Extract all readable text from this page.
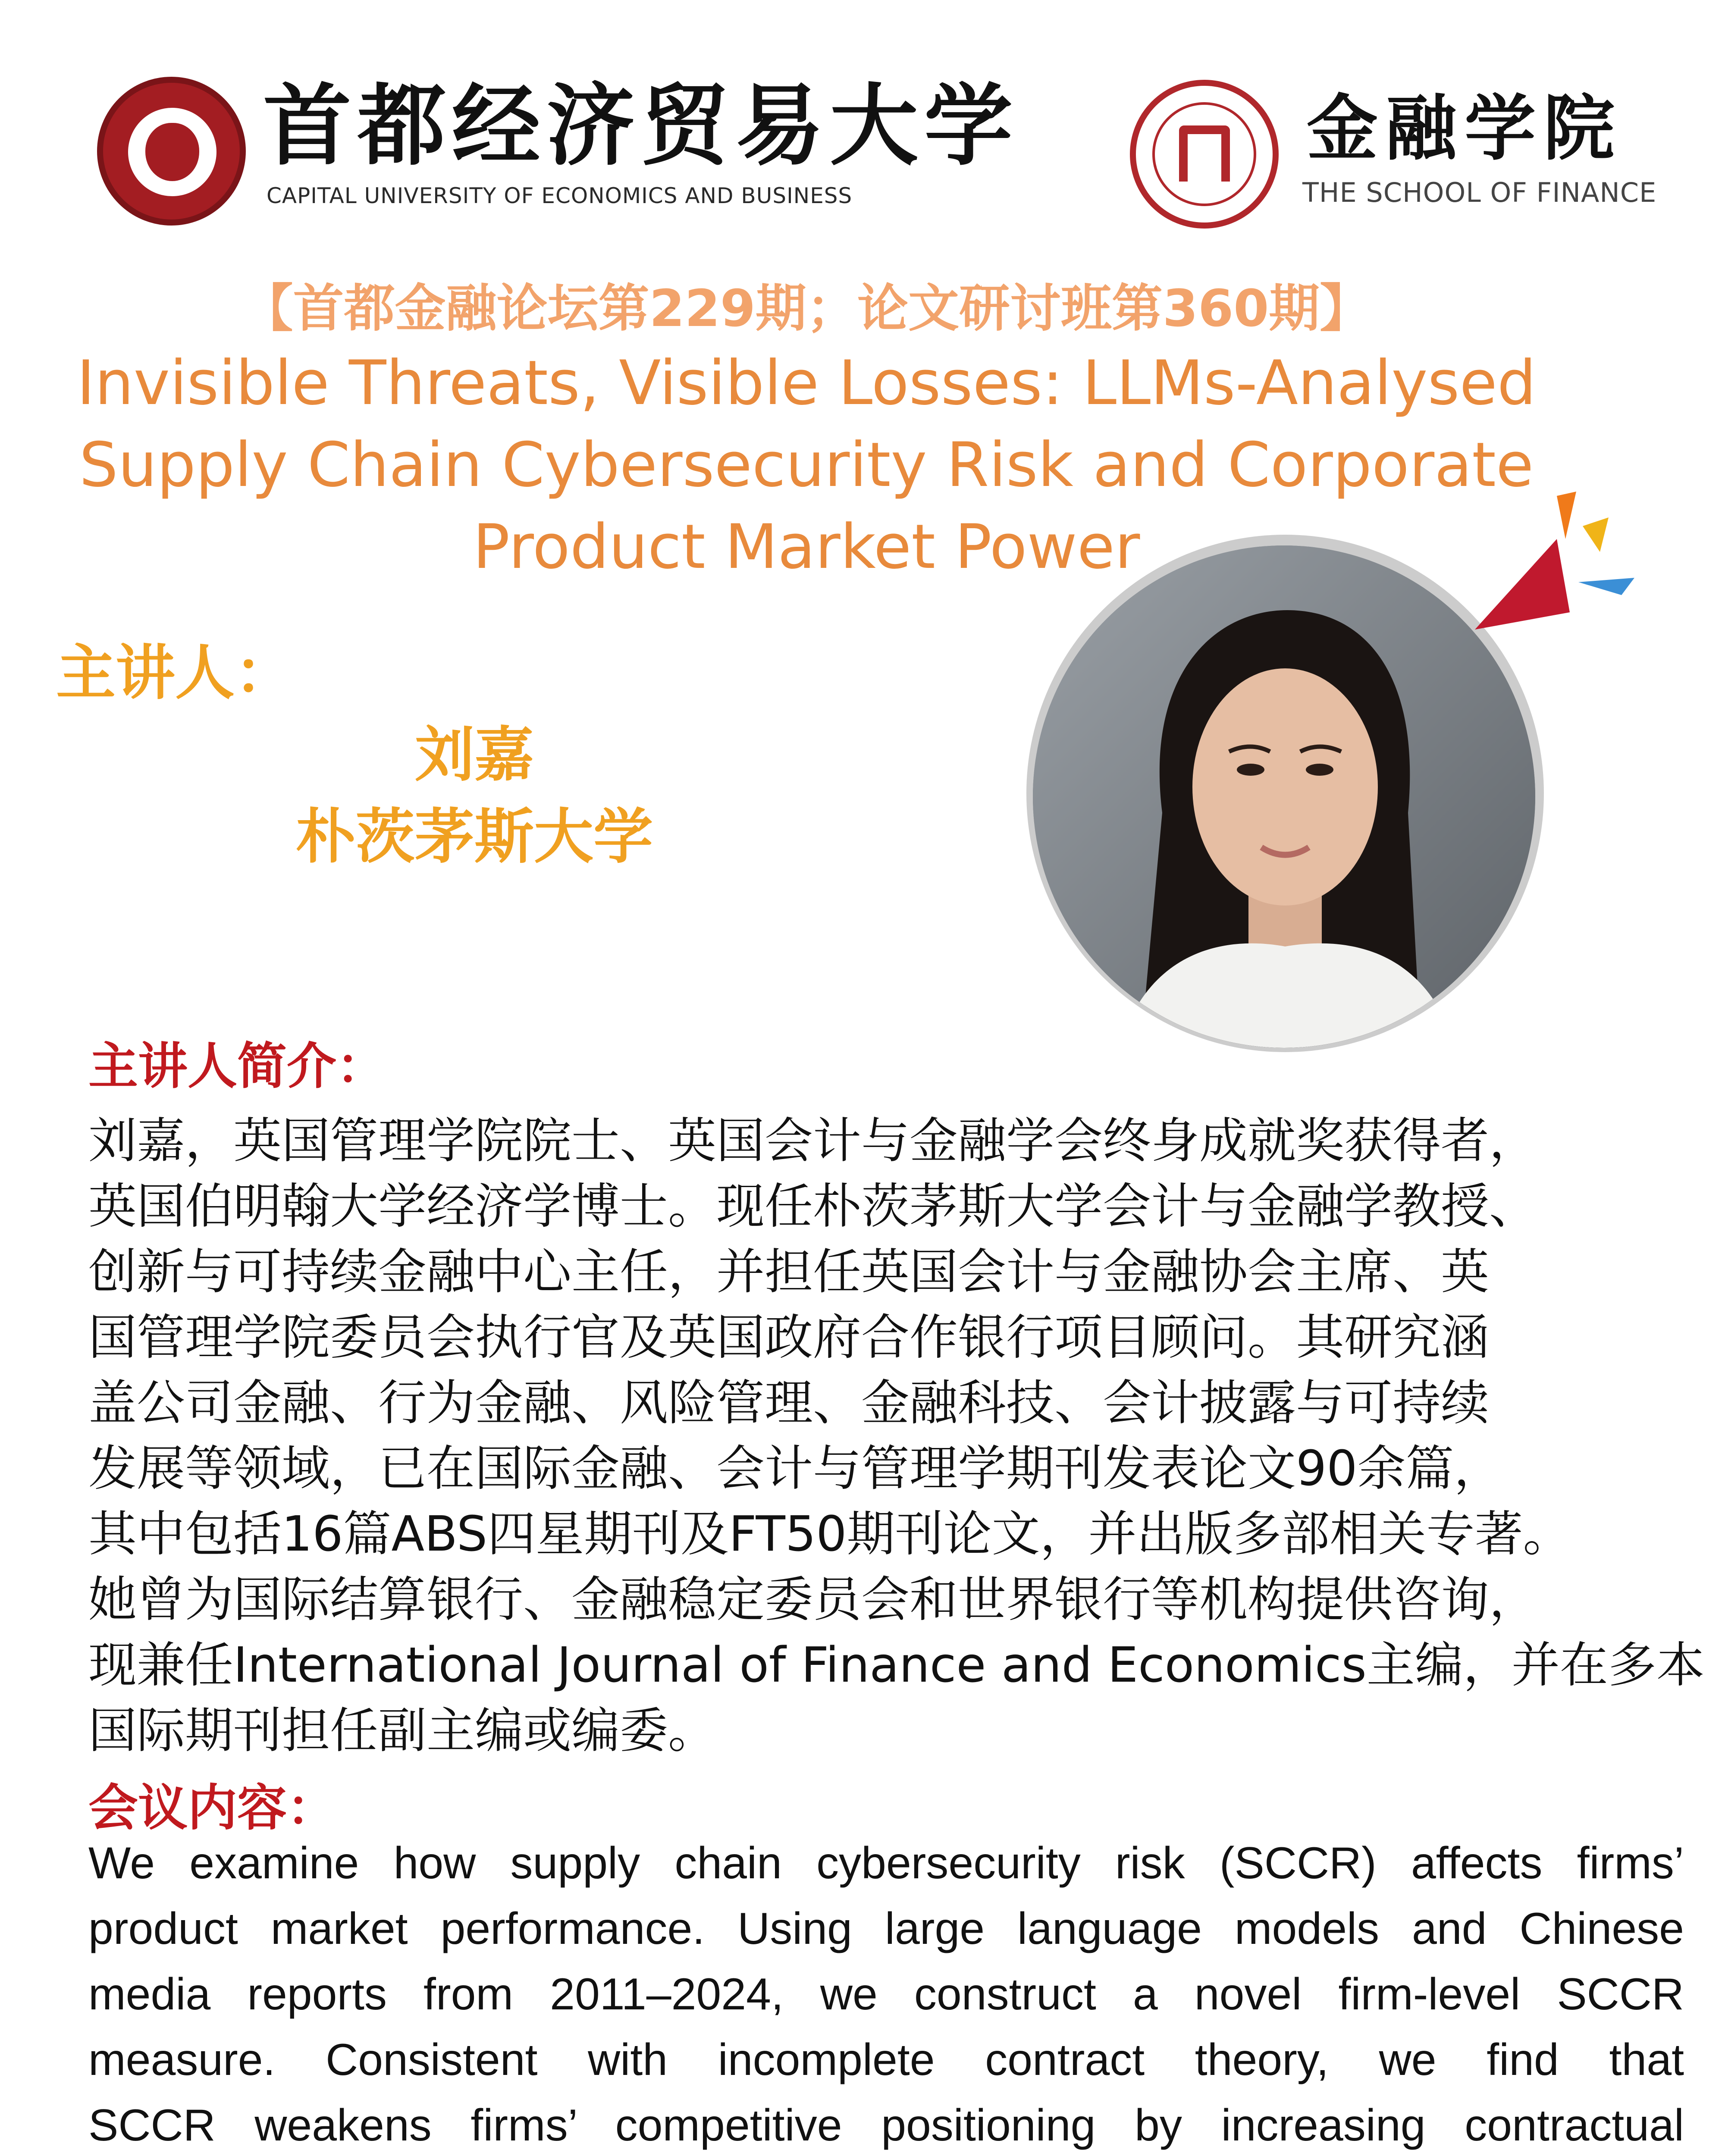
首都经济贸易大学
CAPITAL UNIVERSITY OF ECONOMICS AND BUSINESS
金融学院
THE SCHOOL OF FINANCE
【首都金融论坛第229期；论文研讨班第360期】
Invisible Threats, Visible Losses: LLMs-Analysed
Supply Chain Cybersecurity Risk and Corporate
Product Market Power
主讲人：
刘嘉
朴茨茅斯大学
主讲人简介：
刘嘉，英国管理学院院士、英国会计与金融学会终身成就奖获得者，
英国伯明翰大学经济学博士。现任朴茨茅斯大学会计与金融学教授、
创新与可持续金融中心主任，并担任英国会计与金融协会主席、英
国管理学院委员会执行官及英国政府合作银行项目顾问。其研究涵
盖公司金融、行为金融、风险管理、金融科技、会计披露与可持续
发展等领域，已在国际金融、会计与管理学期刊发表论文90余篇，
其中包括16篇ABS四星期刊及FT50期刊论文，并出版多部相关专著。
她曾为国际结算银行、金融稳定委员会和世界银行等机构提供咨询，
现兼任International Journal of Finance and Economics主编，并在多本
国际期刊担任副主编或编委。
会议内容：
We examine how supply chain cybersecurity risk (SCCR) affects firms’
product market performance. Using large language models and Chinese
media reports from 2011–2024, we construct a novel firm-level SCCR
measure. Consistent with incomplete contract theory, we find that
SCCR weakens firms’ competitive positioning by increasing contractual
